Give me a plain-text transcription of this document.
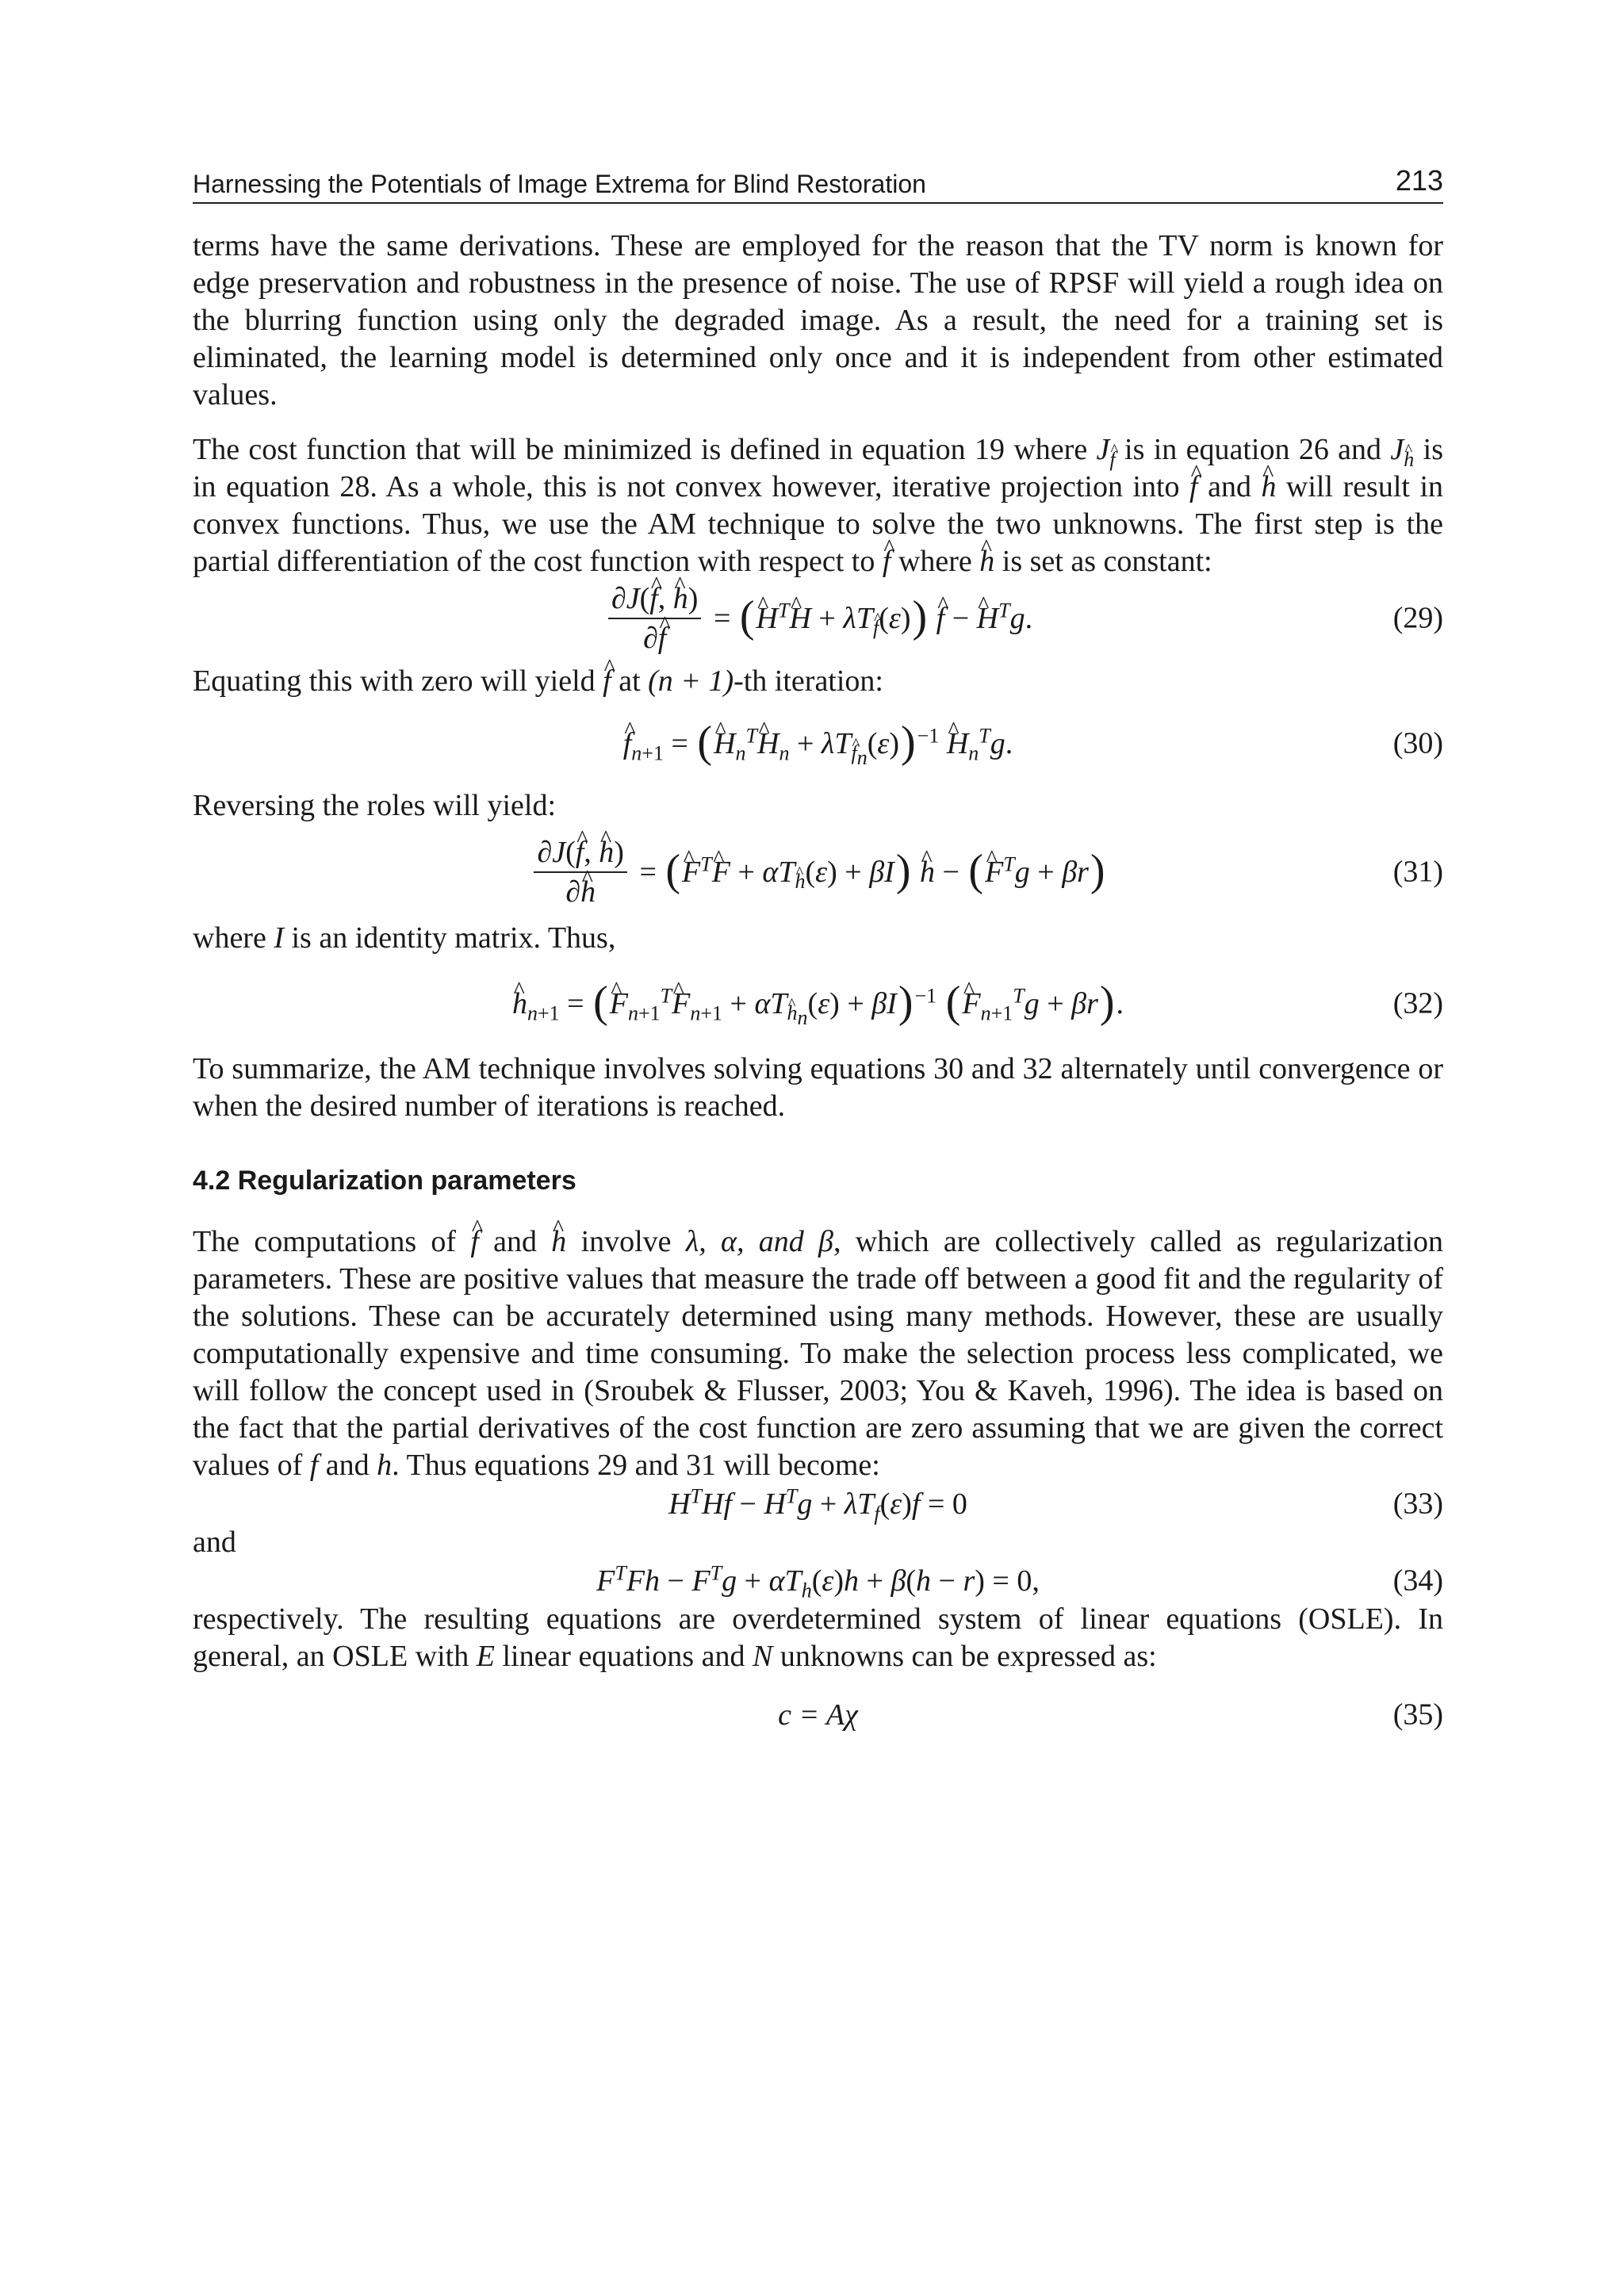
Harnessing the Potentials of Image Extrema for Blind Restoration	213

terms have the same derivations. These are employed for the reason that the TV norm is known for edge preservation and robustness in the presence of noise. The use of RPSF will yield a rough idea on the blurring function using only the degraded image. As a result, the need for a training set is eliminated, the learning model is determined only once and it is independent from other estimated values.

The cost function that will be minimized is defined in equation 19 where $J_f$ is in equation 26 and $J_h$ is in equation 28. As a whole, this is not convex however, iterative projection into f ^ and h ^ will result in convex functions. Thus, we use the AM technique to solve the two unknowns. The first step is the partial differentiation of the cost function with respect to f ^ where h ^ is set as constant:

$\frac{\partial J(f \^{}, h \^{})}{\partial f}$ ^ = (H ^$^T$H ^ + $\lambda T_f(\varepsilon)$) f ^ − H ^$^T$g.	(29)

Equating this with zero will yield f ^ at (n + 1)-th iteration:

f $\^{}_{n+1} = (H$ $\^{}_n^TH$ $\^{}_n + \lambda T_{f_n}(\varepsilon))^{-1}$ H $\^{}_n^Tg$.	(30)

Reversing the roles will yield:

$\frac{\partial J(f \^{}, h \^{})}{\partial h}$ ^ = (F ^$^T$F ^ + $\alpha T_h(\varepsilon) + \beta I$) h ^ − (F ^$^T$g + βr)	(31)

where I is an identity matrix. Thus,

h $\^{}_{n+1} = (F$ $\^{}_{n+1}^TF$ $\^{}_{n+1} + \alpha T_{h_n}(\varepsilon) + \beta I)^{-1}$ (F $\^{}_{n+1}^Tg + \beta r$).	(32)

To summarize, the AM technique involves solving equations 30 and 32 alternately until convergence or when the desired number of iterations is reached.

4.2 Regularization parameters

The computations of f ^ and h ^ involve λ, α, and β, which are collectively called as regularization parameters. These are positive values that measure the trade off between a good fit and the regularity of the solutions. These can be accurately determined using many methods. However, these are usually computationally expensive and time consuming. To make the selection process less complicated, we will follow the concept used in (Sroubek & Flusser, 2003; You & Kaveh, 1996). The idea is based on the fact that the partial derivatives of the cost function are zero assuming that we are given the correct values of f and h. Thus equations 29 and 31 will become:

$H^THf - H^Tg + \lambda T_f(\varepsilon)f = 0$	(33)

and

$F^TFh - F^Tg + \alpha T_h(\varepsilon)h + \beta(h - r) = 0$,	(34)

respectively. The resulting equations are overdetermined system of linear equations (OSLE). In general, an OSLE with E linear equations and N unknowns can be expressed as:

c = Aχ	(35)
